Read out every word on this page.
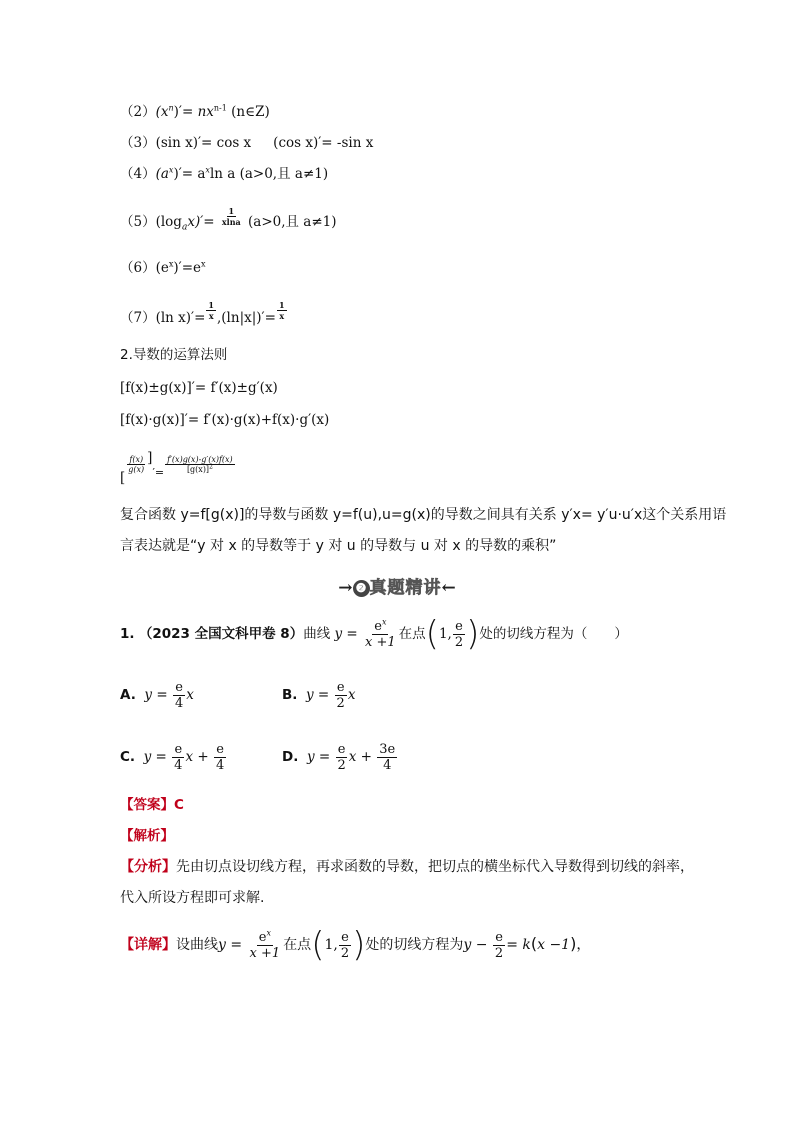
$(2)(x^n)'= nx^{n-1}$ (n∈Z)
（3）(sin x)′= cos x (cos x)′= -sin x
$(4)(a^x)'= a^x\ln$ a (a>0,且 a≠1)
$(5)(\log_ax)'= \frac{1}{xlna} (a>0$,且 a≠1)
$(6)(e^x)'=e^x$
（7）(ln $x)'= \frac{1}{x} ,(\ln|x|)'= \frac{1}{x}$
2.导数的运算法则
[f(x)±g(x)]′= f′(x)±g′(x)
[f(x)·g(x)]′= f′(x)·g(x)+f(x)·g′(x)
[
$\frac{f(x)}{g(x)} ]_{'=} \frac{f'(x)g(x)-g'(x)f(x)}{[g(x)]^2}$
复合函数 y=f[g(x)]的导数与函数 y=f(u),u=g(x)的导数之间具有关系 y′x= y′u·u′x这个关系用语
言表达就是“y 对 x 的导数等于 y 对 u 的导数与 u 对 x 的导数的乘积”
→ ❷ 真题精讲←
1. （2023 全国文科甲卷 8）曲线 $y = \frac{e^x}{x +1}$ 在点(1, $\frac{e}{2}$ )处的切线方程为（　　）
A. $y = \frac{e}{4}$ x	B. $y = \frac{e}{2}$ x
C. $y = \frac{e}{4}$ $x + \frac{e}{4}$	D. $y = \frac{e}{2}$ $x + \frac{3e}{4}$
【答案】C
【解析】
【分析】先由切点设切线方程，再求函数的导数，把切点的横坐标代入导数得到切线的斜率，
代入所设方程即可求解.
【详解】设曲线$y = \frac{e^x}{x +1}$ 在点(1, $\frac{e}{2}$ )处的切线方程为$y - \frac{e}{2} = k(x -1)$，
